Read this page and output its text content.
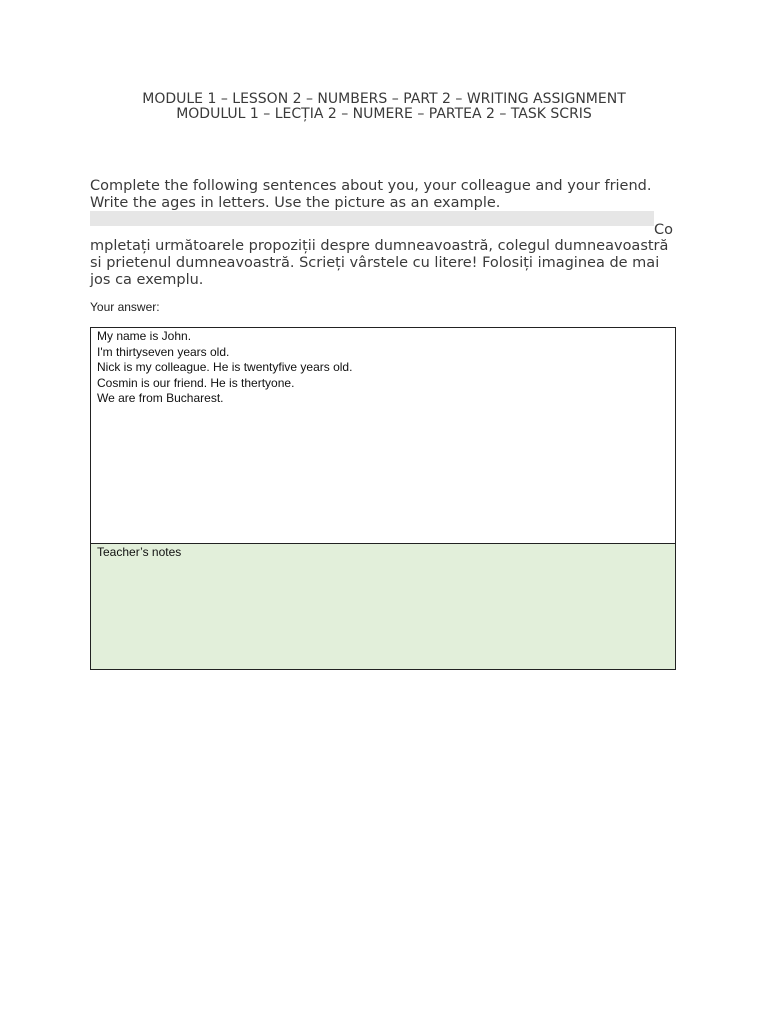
MODULE 1 – LESSON 2 – NUMBERS – PART 2 – WRITING ASSIGNMENT
MODULUL 1 – LECȚIA 2 – NUMERE – PARTEA 2 – TASK SCRIS

Complete the following sentences about you, your colleague and your friend. Write the ages in letters. Use the picture as an example.

Co
mpletați următoarele propoziții despre dumneavoastră, colegul dumneavoastră si prietenul dumneavoastră. Scrieți vârstele cu litere! Folosiți imaginea de mai jos ca exemplu.
Your answer:
My name is John.
I'm thirtyseven years old.
Nick is my colleague. He is twentyfive years old.
Cosmin is our friend. He is thertyone.
We are from Bucharest.
Teacher’s notes
